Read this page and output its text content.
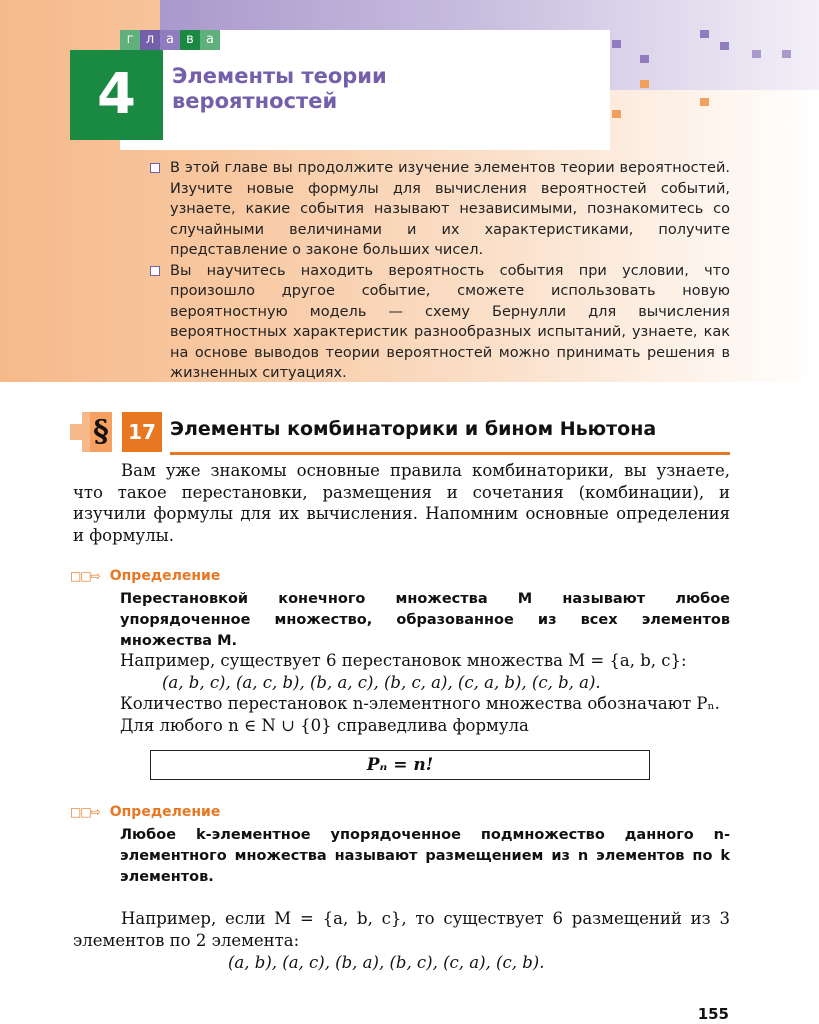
г л а в а
4	Элементы теории
вероятностей

В этой главе вы продолжите изучение элементов теории вероятностей. Изучите новые формулы для вычисления вероятностей событий, узнаете, какие события называют независимыми, познакомитесь со случайными величинами и их характеристиками, получите представление о законе больших чисел.

Вы научитесь находить вероятность события при условии, что произошло другое событие, сможете использовать новую вероятностную модель — схему Бернулли для вычисления вероятностных характеристик разнообразных испытаний, узнаете, как на основе выводов теории вероятностей можно принимать решения в жизненных ситуациях.

§ 17 Элементы комбинаторики и бином Ньютона

Вам уже знакомы основные правила комбинаторики, вы узнаете, что такое перестановки, размещения и сочетания (комбинации), и изучили формулы для их вычисления. Напомним основные определения и формулы.

□□⇨ Определение

Перестановкой конечного множества M называют любое упорядоченное множество, образованное из всех элементов множества M.

Например, существует 6 перестановок множества M = {a, b, c}:
(a, b, c), (a, c, b), (b, a, c), (b, c, a), (c, a, b), (c, b, a).
Количество перестановок n-элементного множества обозначают Pₙ.
Для любого n ∈ N ∪ {0} справедлива формула
Pₙ = n!
□□⇨ Определение

Любое k-элементное упорядоченное подмножество данного n-элементного множества называют размещением из n элементов по k элементов.

Например, если M = {a, b, c}, то существует 6 размещений из 3 элементов по 2 элемента:

(a, b), (a, c), (b, a), (b, c), (c, a), (c, b).
155
